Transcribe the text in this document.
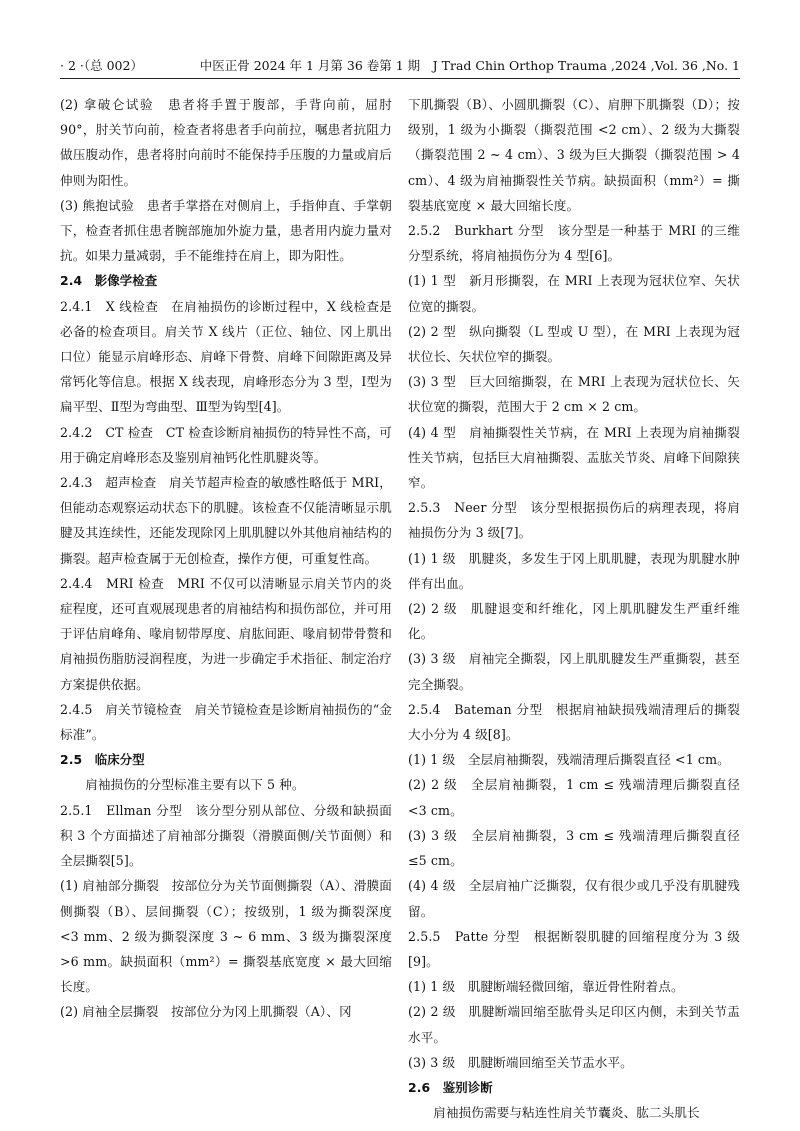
· 2 ·（总 002）	中医正骨 2024 年 1 月第 36 卷第 1 期　J Trad Chin Orthop Trauma ,2024 ,Vol. 36 ,No. 1

(2) 拿破仑试验　患者将手置于腹部，手背向前，屈肘 90°，肘关节向前，检查者将患者手向前拉，嘱患者抗阻力做压腹动作，患者将肘向前时不能保持手压腹的力量或肩后伸则为阳性。

(3) 熊抱试验　患者手掌搭在对侧肩上，手指伸直、手掌朝下，检查者抓住患者腕部施加外旋力量，患者用内旋力量对抗。如果力量减弱，手不能维持在肩上，即为阳性。

2.4　影像学检查

2.4.1　X 线检查　在肩袖损伤的诊断过程中，X 线检查是必备的检查项目。肩关节 X 线片（正位、轴位、冈上肌出口位）能显示肩峰形态、肩峰下骨赘、肩峰下间隙距离及异常钙化等信息。根据 X 线表现，肩峰形态分为 3 型，Ⅰ型为扁平型、Ⅱ型为弯曲型、Ⅲ型为钩型[4]。

2.4.2　CT 检查　CT 检查诊断肩袖损伤的特异性不高，可用于确定肩峰形态及鉴别肩袖钙化性肌腱炎等。

2.4.3　超声检查　肩关节超声检查的敏感性略低于 MRI，但能动态观察运动状态下的肌腱。该检查不仅能清晰显示肌腱及其连续性，还能发现除冈上肌肌腱以外其他肩袖结构的撕裂。超声检查属于无创检查，操作方便，可重复性高。

2.4.4　MRI 检查　MRI 不仅可以清晰显示肩关节内的炎症程度，还可直观展现患者的肩袖结构和损伤部位，并可用于评估肩峰角、喙肩韧带厚度、肩肱间距、喙肩韧带骨赘和肩袖损伤脂肪浸润程度，为进一步确定手术指征、制定治疗方案提供依据。

2.4.5　肩关节镜检查　肩关节镜检查是诊断肩袖损伤的“金标准”。

2.5　临床分型

肩袖损伤的分型标准主要有以下 5 种。

2.5.1　Ellman 分型　该分型分别从部位、分级和缺损面积 3 个方面描述了肩袖部分撕裂（滑膜面侧/关节面侧）和全层撕裂[5]。

(1) 肩袖部分撕裂　按部位分为关节面侧撕裂（A）、滑膜面侧撕裂（B）、层间撕裂（C）；按级别，1 级为撕裂深度 <3 mm、2 级为撕裂深度 3 ~ 6 mm、3 级为撕裂深度 >6 mm。缺损面积（mm²）= 撕裂基底宽度 × 最大回缩长度。

(2) 肩袖全层撕裂　按部位分为冈上肌撕裂（A）、冈

下肌撕裂（B）、小圆肌撕裂（C）、肩胛下肌撕裂（D）；按级别，1 级为小撕裂（撕裂范围 <2 cm）、2 级为大撕裂（撕裂范围 2 ~ 4 cm）、3 级为巨大撕裂（撕裂范围 > 4 cm）、4 级为肩袖撕裂性关节病。缺损面积（mm²）= 撕裂基底宽度 × 最大回缩长度。

2.5.2　Burkhart 分型　该分型是一种基于 MRI 的三维分型系统，将肩袖损伤分为 4 型[6]。

(1) 1 型　新月形撕裂，在 MRI 上表现为冠状位窄、矢状位宽的撕裂。

(2) 2 型　纵向撕裂（L 型或 U 型），在 MRI 上表现为冠状位长、矢状位窄的撕裂。

(3) 3 型　巨大回缩撕裂，在 MRI 上表现为冠状位长、矢状位宽的撕裂，范围大于 2 cm × 2 cm。

(4) 4 型　肩袖撕裂性关节病，在 MRI 上表现为肩袖撕裂性关节病，包括巨大肩袖撕裂、盂肱关节炎、肩峰下间隙狭窄。

2.5.3　Neer 分型　该分型根据损伤后的病理表现，将肩袖损伤分为 3 级[7]。

(1) 1 级　肌腱炎，多发生于冈上肌肌腱，表现为肌腱水肿伴有出血。

(2) 2 级　肌腱退变和纤维化，冈上肌肌腱发生严重纤维化。

(3) 3 级　肩袖完全撕裂，冈上肌肌腱发生严重撕裂，甚至完全撕裂。

2.5.4　Bateman 分型　根据肩袖缺损残端清理后的撕裂大小分为 4 级[8]。

(1) 1 级　全层肩袖撕裂，残端清理后撕裂直径 <1 cm。

(2) 2 级　全层肩袖撕裂，1 cm ≤ 残端清理后撕裂直径 <3 cm。

(3) 3 级　全层肩袖撕裂，3 cm ≤ 残端清理后撕裂直径 ≤5 cm。

(4) 4 级　全层肩袖广泛撕裂，仅有很少或几乎没有肌腱残留。

2.5.5　Patte 分型　根据断裂肌腱的回缩程度分为 3 级[9]。

(1) 1 级　肌腱断端轻微回缩，靠近骨性附着点。

(2) 2 级　肌腱断端回缩至肱骨头足印区内侧，未到关节盂水平。

(3) 3 级　肌腱断端回缩至关节盂水平。

2.6　鉴别诊断

肩袖损伤需要与粘连性肩关节囊炎、肱二头肌长
